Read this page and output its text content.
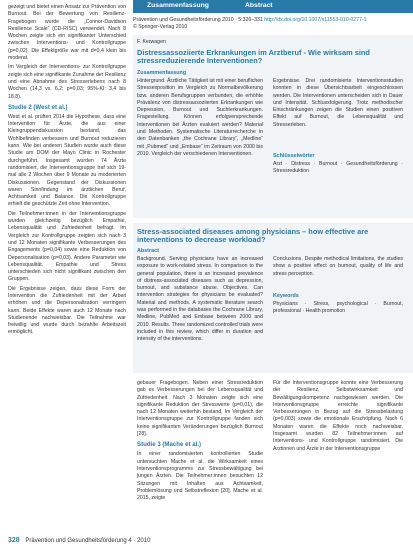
gezeigt und bietet einen Ansatz zur Prävention von Burnout. Bei der Bewertung von Resilienz-Fragebogen wurde die „Connor-Davidson Resilience Scale“ (CD-RISC) verwendet. Nach 8 Wochen zeigte sich ein signifikanter Unterschied zwischen Interventions- und Kontrollgruppe (p=0,02). Die Effektgröße war mit d=0,4 klein bis moderat.

Im Vergleich der Interventions- zur Kontrollgruppe zeigte sich eine signifikante Zunahme der Resilienz und eine Abnahme des Stresserlebens nach 8 Wochen (14,3 vs. 6,2; p=0,03; 95%-KI: 3,4 bis 18,8).

Studie 2 (West et al.)

West et al. prüften 2014 die Hypothese, dass eine Intervention für Ärzte, die aus einer Kleingruppendiskussion bestand, das Wohlbefinden verbessern und Burnout reduzieren kann. Wie bei anderen Studien wurde auch diese Studie am DOM der Mayo Clinic in Rochester durchgeführt. Insgesamt wurden 74 Ärzte randomisiert, die Interventionsgruppe traf sich 19-mal alle 2 Wochen über 9 Monate zu moderierten Diskussionen. Gegenstand der Diskussionen waren Sinnfindung im ärztlichen Beruf, Achtsamkeit und Balance. Die Kontrollgruppe erhielt die geschützte Zeit ohne Intervention.

Die Teilnehmer:innen in der Interventionsgruppe wurden gleichzeitig bezüglich Empathie, Lebensqualität und Zufriedenheit befragt. Im Vergleich zur Kontrollgruppe zeigten sich nach 3 und 12 Monaten signifikante Verbesserungen des Engagements (p=0,04) sowie eine Reduktion von Depersonalisation (p=0,03). Andere Parameter wie Lebensqualität, Empathie und Stress unterschieden sich nicht signifikant zwischen den Gruppen.

Die Ergebnisse zeigen, dass diese Form der Intervention die Zufriedenheit mit der Arbeit erhöhen und die Depersonalisation verringern kann. Beide Effekte waren auch 12 Monate nach Studienende nachweisbar. Die Teilnahme war freiwillig und wurde durch bezahlte Arbeitszeit ermöglicht.

Zusammenfassung	Abstract
Prävention und Gesundheitsförderung 2010 · 5:326–331 http://dx.doi.org/10.1007/s11553-010-0277-1
© Springer-Verlag 2010
F. Kerwagen
Distressassoziierte Erkrankungen im Arztberuf - Wie wirksam sind stressreduzierende Interventionen?
Zusammenfassung
Hintergrund. Ärztliche Tätigkeit ist mit einer beruflichen Stressexposition im Vergleich zu Normalbevölkerung bzw. anderen Berufsgruppen verbunden, die erhöhte Prävalenz von distressassoziierten Erkrankungen wie Depression, Burnout und Suchterkrankungen. Fragestellung. Können erfolgversprechende Interventionen bei Ärzten evaluiert werden? Material und Methoden. Systematische Literaturrecherche in den Datenbanken „the Cochrane Library“, „Medline“ mit „Pubmed“ und „Embase“ im Zeitraum von 2000 bis 2010. Vergleich der verschiedenen Interventionen.
Ergebnisse. Drei randomisierte Interventionsstudien konnten in diese Übersichtsarbeit eingeschlossen werden. Die Interventionen unterscheiden sich in Dauer und Intensität. Schlussfolgerung. Trotz methodischer Einschränkungen zeigen die Studien einen positiven Effekt auf Burnout, die Lebensqualität und Stresserleben.
Schlüsselwörter
Arzt · Distress · Burnout · Gesundheitsförderung · Stressreduktion
Stress-associated diseases among physicians – how effective are interventions to decrease workload?
Abstract
Background. Serving physicians have an increased exposure to work-related stress. In comparison to the general population, there is an increased prevalence of distress-associated diseases such as depression, burnout, and substance abuse. Objectives. Can intervention strategies for physicians be evaluated? Material and methods. A systematic literature search was performed in the databases the Cochrane Library, Medline, PubMed and Embase between 2000 and 2010. Results. Three randomized controlled trials were included in this review, which differ in duration and intensity of the interventions.
Conclusions. Despite methodical limitations, the studies show a positive effect on burnout, quality of life and stress perception.
Keywords
Physicians · Stress, psychological · Burnout, professional · Health promotion

gebauer Fragebogen. Neben einer Stressreduktion gab es Verbesserungen bei der Lebensqualität und Zufriedenheit. Nach 3 Monaten zeigte sich eine signifikante Reduktion der Stresswerte (p=0,01), die nach 12 Monaten weiterhin bestand. Im Vergleich der Interventionsgruppe zur Kontrollgruppe fanden sich keine signifikanten Veränderungen bezüglich Burnout [28].

Studie 3 (Mache et al.)

In einer randomisierten kontrollierten Studie untersuchten Mache et al. die Wirksamkeit eines Interventionsprogramms zur Stressbewältigung bei jungen Ärzten. Die Teilnehmer:innen besuchten 12 Sitzungen mit Inhalten aus Achtsamkeit, Problemlösung und Selbstreflexion [20]. Mache et al. 2015, zeigte

Für die Interventionsgruppe konnte eine Verbesserung der Resilienz, Selbstwirksamkeit und Bewältigungskompetenz nachgewiesen werden. Die Interventionsgruppe erreichte signifikante Verbesserungen in Bezug auf die Stressbelastung (p=0,003) sowie die emotionale Erschöpfung. Nach 6 Monaten waren die Effekte noch nachweisbar. Insgesamt wurden 82 Teilnehmer:innen auf Interventions- und Kontrollgruppe randomisiert. Die Arztinnen und Ärzte in der Interventionsgruppe
328 Prävention und Gesundheitsförderung 4 · 2010
